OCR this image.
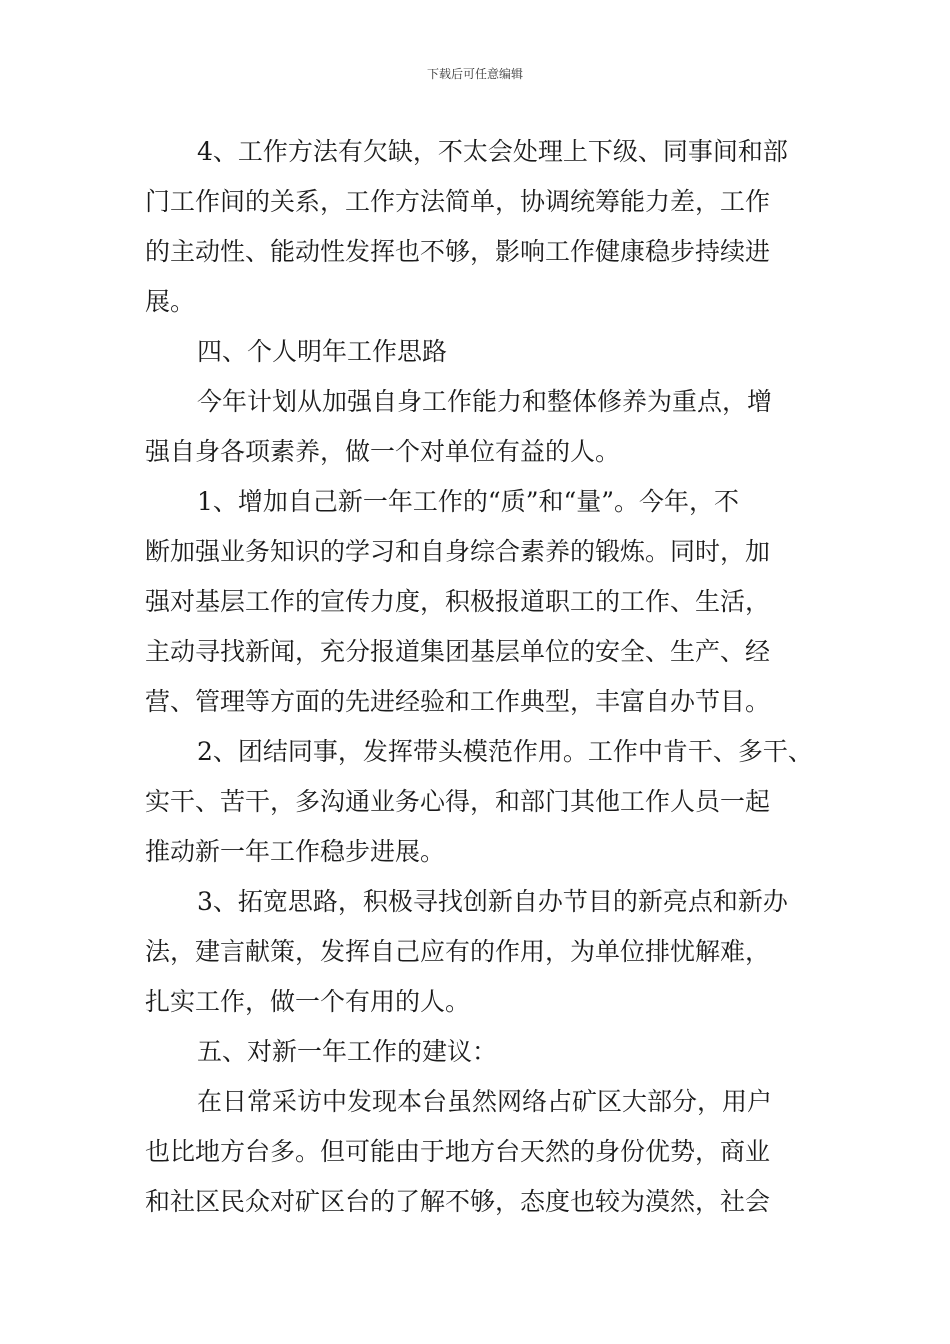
下载后可任意编辑
4、工作方法有欠缺，不太会处理上下级、同事间和部
门工作间的关系，工作方法简单，协调统筹能力差，工作
的主动性、能动性发挥也不够，影响工作健康稳步持续进
展。
四、个人明年工作思路
今年计划从加强自身工作能力和整体修养为重点，增
强自身各项素养，做一个对单位有益的人。
1、增加自己新一年工作的“质”和“量”。今年，不
断加强业务知识的学习和自身综合素养的锻炼。同时，加
强对基层工作的宣传力度，积极报道职工的工作、生活，
主动寻找新闻，充分报道集团基层单位的安全、生产、经
营、管理等方面的先进经验和工作典型，丰富自办节目。
2、团结同事，发挥带头模范作用。工作中肯干、多干、
实干、苦干，多沟通业务心得，和部门其他工作人员一起
推动新一年工作稳步进展。
3、拓宽思路，积极寻找创新自办节目的新亮点和新办
法，建言献策，发挥自己应有的作用，为单位排忧解难，
扎实工作，做一个有用的人。
五、对新一年工作的建议：
在日常采访中发现本台虽然网络占矿区大部分，用户
也比地方台多。但可能由于地方台天然的身份优势，商业
和社区民众对矿区台的了解不够，态度也较为漠然，社会
